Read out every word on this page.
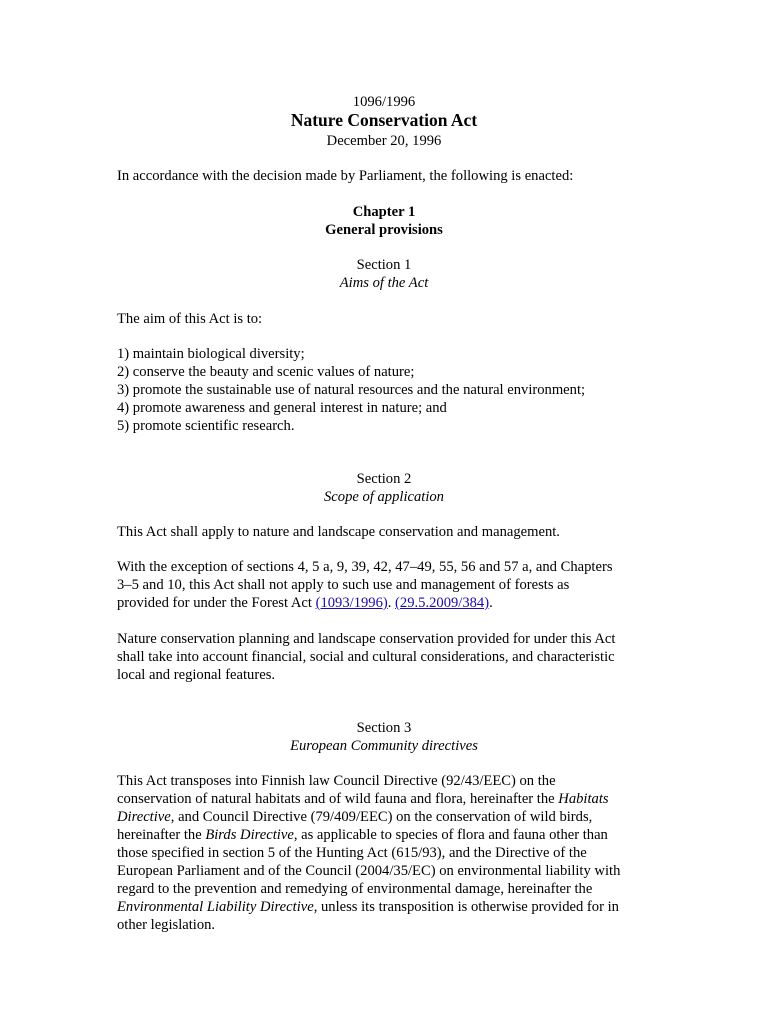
1096/1996
Nature Conservation Act
December 20, 1996
In accordance with the decision made by Parliament, the following is enacted:
Chapter 1
General provisions
Section 1
Aims of the Act
The aim of this Act is to:
1) maintain biological diversity;
2) conserve the beauty and scenic values of nature;
3) promote the sustainable use of natural resources and the natural environment;
4) promote awareness and general interest in nature; and
5) promote scientific research.
Section 2
Scope of application
This Act shall apply to nature and landscape conservation and management.
With the exception of sections 4, 5 a, 9, 39, 42, 47–49, 55, 56 and 57 a, and Chapters
3–5 and 10, this Act shall not apply to such use and management of forests as
provided for under the Forest Act (1093/1996). (29.5.2009/384).
Nature conservation planning and landscape conservation provided for under this Act
shall take into account financial, social and cultural considerations, and characteristic
local and regional features.
Section 3
European Community directives
This Act transposes into Finnish law Council Directive (92/43/EEC) on the
conservation of natural habitats and of wild fauna and flora, hereinafter the Habitats
Directive, and Council Directive (79/409/EEC) on the conservation of wild birds,
hereinafter the Birds Directive, as applicable to species of flora and fauna other than
those specified in section 5 of the Hunting Act (615/93), and the Directive of the
European Parliament and of the Council (2004/35/EC) on environmental liability with
regard to the prevention and remedying of environmental damage, hereinafter the
Environmental Liability Directive, unless its transposition is otherwise provided for in
other legislation.
